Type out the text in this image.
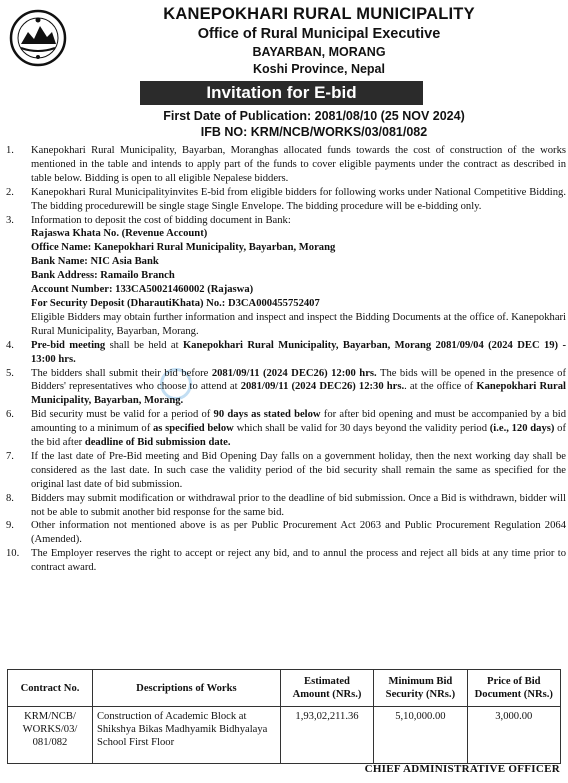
KANEPOKHARI RURAL MUNICIPALITY
Office of Rural Municipal Executive
BAYARBAN, MORANG
Koshi Province, Nepal
Invitation for E-bid
First Date of Publication: 2081/08/10 (25 NOV 2024)
IFB NO: KRM/NCB/WORKS/03/081/082
1. Kanepokhari Rural Municipality, Bayarban, Moranghas allocated funds towards the cost of construction of the works mentioned in the table and intends to apply part of the funds to cover eligible payments under the contract as described in table below. Bidding is open to all eligible Nepalese bidders.
2. Kanepokhari Rural Municipalityinvites E-bid from eligible bidders for following works under National Competitive Bidding. The bidding procedurewill be single stage Single Envelope. The bidding procedure will be e-bidding only.
3. Information to deposit the cost of bidding document in Bank:

Rajaswa Khata No. (Revenue Account)

Office Name: Kanepokhari Rural Municipality, Bayarban, Morang

Bank Name: NIC Asia Bank

Bank Address: Ramailo Branch

Account Number: 133CA50021460002 (Rajaswa)

For Security Deposit (DharautiKhata) No.: D3CA000455752407

Eligible Bidders may obtain further information and inspect and inspect the Bidding Documents at the office of. Kanepokhari Rural Municipality, Bayarban, Morang.
4. Pre-bid meeting shall be held at Kanepokhari Rural Municipality, Bayarban, Morang 2081/09/04 (2024 DEC 19) - 13:00 hrs.
5. The bidders shall submit their bid before 2081/09/11 (2024 DEC26) 12:00 hrs. The bids will be opened in the presence of Bidders' representatives who choose to attend at 2081/09/11 (2024 DEC26) 12:30 hrs.. at the office of Kanepokhari Rural Municipality, Bayarban, Morang.
6. Bid security must be valid for a period of 90 days as stated below for after bid opening and must be accompanied by a bid amounting to a minimum of as specified below which shall be valid for 30 days beyond the validity period (i.e., 120 days) of the bid after deadline of Bid submission date.
7. If the last date of Pre-Bid meeting and Bid Opening Day falls on a government holiday, then the next working day shall be considered as the last date. In such case the validity period of the bid security shall remain the same as specified for the original last date of bid submission.
8. Bidders may submit modification or withdrawal prior to the deadline of bid submission. Once a Bid is withdrawn, bidder will not be able to submit another bid response for the same bid.
9. Other information not mentioned above is as per Public Procurement Act 2063 and Public Procurement Regulation 2064 (Amended).
10. The Employer reserves the right to accept or reject any bid, and to annul the process and reject all bids at any time prior to contract award.
Contract No.	Descriptions of Works	Estimated Amount (NRs.)	Minimum Bid Security (NRs.)	Price of Bid Document (NRs.)
KRM/NCB/ WORKS/03/ 081/082	Construction of Academic Block at Shikshya Bikas Madhyamik Bidhyalaya School First Floor	1,93,02,211.36	5,10,000.00	3,000.00
CHIEF ADMINISTRATIVE OFFICER
